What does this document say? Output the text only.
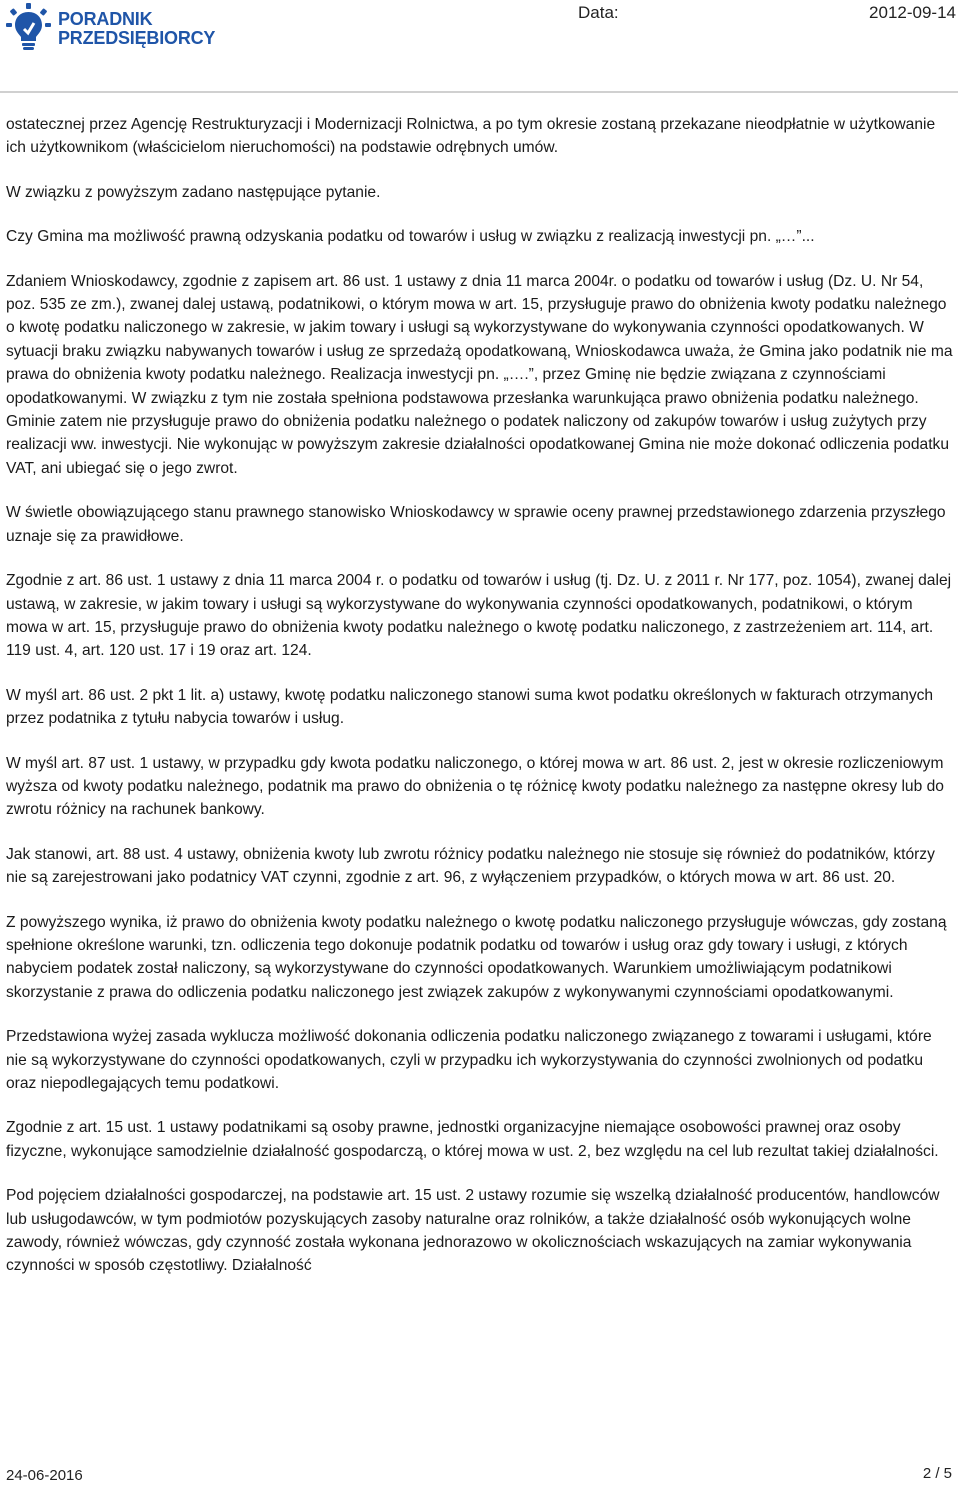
PORADNIK
PRZEDSIĘBIORCY
Data:	2012-09-14

ostatecznej przez Agencję Restrukturyzacji i Modernizacji Rolnictwa, a po tym okresie zostaną przekazane nieodpłatnie w użytkowanie ich użytkownikom (właścicielom nieruchomości) na podstawie odrębnych umów.

W związku z powyższym zadano następujące pytanie.

Czy Gmina ma możliwość prawną odzyskania podatku od towarów i usług w związku z realizacją inwestycji pn. „…”...

Zdaniem Wnioskodawcy, zgodnie z zapisem art. 86 ust. 1 ustawy z dnia 11 marca 2004r. o podatku od towarów i usług (Dz. U. Nr 54, poz. 535 ze zm.), zwanej dalej ustawą, podatnikowi, o którym mowa w art. 15, przysługuje prawo do obniżenia kwoty podatku należnego o kwotę podatku naliczonego w zakresie, w jakim towary i usługi są wykorzystywane do wykonywania czynności opodatkowanych. W sytuacji braku związku nabywanych towarów i usług ze sprzedażą opodatkowaną, Wnioskodawca uważa, że Gmina jako podatnik nie ma prawa do obniżenia kwoty podatku należnego. Realizacja inwestycji pn. „….”, przez Gminę nie będzie związana z czynnościami opodatkowanymi. W związku z tym nie została spełniona podstawowa przesłanka warunkująca prawo obniżenia podatku należnego. Gminie zatem nie przysługuje prawo do obniżenia podatku należnego o podatek naliczony od zakupów towarów i usług zużytych przy realizacji ww. inwestycji. Nie wykonując w powyższym zakresie działalności opodatkowanej Gmina nie może dokonać odliczenia podatku VAT, ani ubiegać się o jego zwrot.

W świetle obowiązującego stanu prawnego stanowisko Wnioskodawcy w sprawie oceny prawnej przedstawionego zdarzenia przyszłego uznaje się za prawidłowe.

Zgodnie z art. 86 ust. 1 ustawy z dnia 11 marca 2004 r. o podatku od towarów i usług (tj. Dz. U. z 2011 r. Nr 177, poz. 1054), zwanej dalej ustawą, w zakresie, w jakim towary i usługi są wykorzystywane do wykonywania czynności opodatkowanych, podatnikowi, o którym mowa w art. 15, przysługuje prawo do obniżenia kwoty podatku należnego o kwotę podatku naliczonego, z zastrzeżeniem art. 114, art. 119 ust. 4, art. 120 ust. 17 i 19 oraz art. 124.

W myśl art. 86 ust. 2 pkt 1 lit. a) ustawy, kwotę podatku naliczonego stanowi suma kwot podatku określonych w fakturach otrzymanych przez podatnika z tytułu nabycia towarów i usług.

W myśl art. 87 ust. 1 ustawy, w przypadku gdy kwota podatku naliczonego, o której mowa w art. 86 ust. 2, jest w okresie rozliczeniowym wyższa od kwoty podatku należnego, podatnik ma prawo do obniżenia o tę różnicę kwoty podatku należnego za następne okresy lub do zwrotu różnicy na rachunek bankowy.

Jak stanowi, art. 88 ust. 4 ustawy, obniżenia kwoty lub zwrotu różnicy podatku należnego nie stosuje się również do podatników, którzy nie są zarejestrowani jako podatnicy VAT czynni, zgodnie z art. 96, z wyłączeniem przypadków, o których mowa w art. 86 ust. 20.

Z powyższego wynika, iż prawo do obniżenia kwoty podatku należnego o kwotę podatku naliczonego przysługuje wówczas, gdy zostaną spełnione określone warunki, tzn. odliczenia tego dokonuje podatnik podatku od towarów i usług oraz gdy towary i usługi, z których nabyciem podatek został naliczony, są wykorzystywane do czynności opodatkowanych. Warunkiem umożliwiającym podatnikowi skorzystanie z prawa do odliczenia podatku naliczonego jest związek zakupów z wykonywanymi czynnościami opodatkowanymi.

Przedstawiona wyżej zasada wyklucza możliwość dokonania odliczenia podatku naliczonego związanego z towarami i usługami, które nie są wykorzystywane do czynności opodatkowanych, czyli w przypadku ich wykorzystywania do czynności zwolnionych od podatku oraz niepodlegających temu podatkowi.

Zgodnie z art. 15 ust. 1 ustawy podatnikami są osoby prawne, jednostki organizacyjne niemające osobowości prawnej oraz osoby fizyczne, wykonujące samodzielnie działalność gospodarczą, o której mowa w ust. 2, bez względu na cel lub rezultat takiej działalności.

Pod pojęciem działalności gospodarczej, na podstawie art. 15 ust. 2 ustawy rozumie się wszelką działalność producentów, handlowców lub usługodawców, w tym podmiotów pozyskujących zasoby naturalne oraz rolników, a także działalność osób wykonujących wolne zawody, również wówczas, gdy czynność została wykonana jednorazowo w okolicznościach wskazujących na zamiar wykonywania czynności w sposób częstotliwy. Działalność

24-06-2016	2 / 5
